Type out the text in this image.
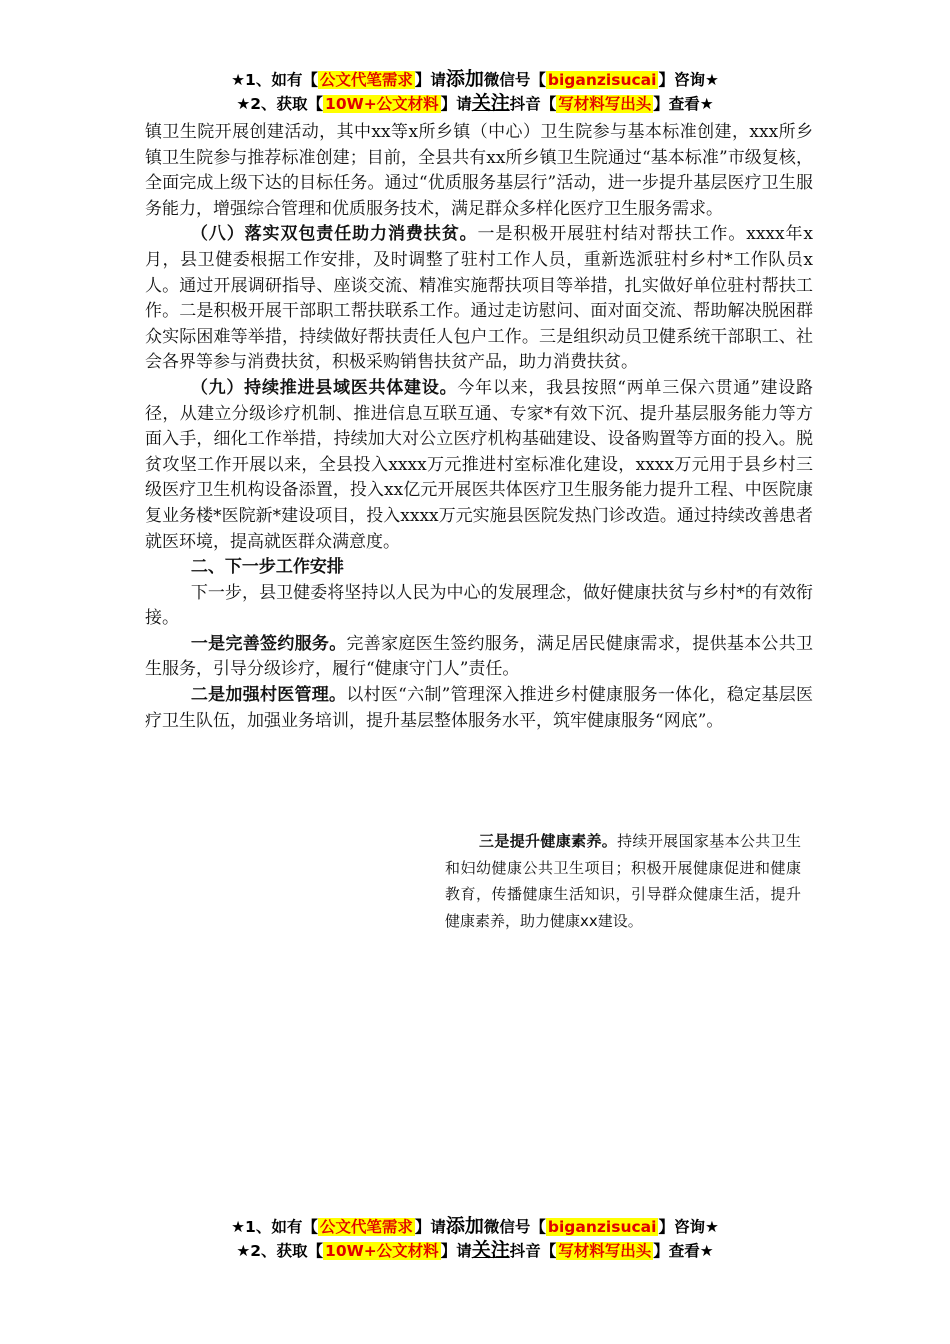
★1、如有【 公文代笔需求 】请添加微信号【 biganzisucai 】咨询★
★2、获取【 10W+公文材料 】请关注抖音【 写材料写出头 】查看★

镇卫生院开展创建活动，其中xx等x所乡镇（中心）卫生院参与基本标准创建，xxx所乡镇卫生院参与推荐标准创建；目前，全县共有xx所乡镇卫生院通过“基本标准”市级复核，全面完成上级下达的目标任务。通过“优质服务基层行”活动，进一步提升基层医疗卫生服务能力，增强综合管理和优质服务技术，满足群众多样化医疗卫生服务需求。

（八）落实双包责任助力消费扶贫。一是积极开展驻村结对帮扶工作。xxxx年x月，县卫健委根据工作安排，及时调整了驻村工作人员，重新选派驻村乡村*工作队员x人。通过开展调研指导、座谈交流、精准实施帮扶项目等举措，扎实做好单位驻村帮扶工作。二是积极开展干部职工帮扶联系工作。通过走访慰问、面对面交流、帮助解决脱困群众实际困难等举措，持续做好帮扶责任人包户工作。三是组织动员卫健系统干部职工、社会各界等参与消费扶贫，积极采购销售扶贫产品，助力消费扶贫。

（九）持续推进县域医共体建设。今年以来，我县按照“两单三保六贯通”建设路径，从建立分级诊疗机制、推进信息互联互通、专家*有效下沉、提升基层服务能力等方面入手，细化工作举措，持续加大对公立医疗机构基础建设、设备购置等方面的投入。脱贫攻坚工作开展以来，全县投入xxxx万元推进村室标准化建设，xxxx万元用于县乡村三级医疗卫生机构设备添置，投入xx亿元开展医共体医疗卫生服务能力提升工程、中医院康复业务楼*医院新*建设项目，投入xxxx万元实施县医院发热门诊改造。通过持续改善患者就医环境，提高就医群众满意度。

二、下一步工作安排

下一步，县卫健委将坚持以人民为中心的发展理念，做好健康扶贫与乡村*的有效衔接。

一是完善签约服务。完善家庭医生签约服务，满足居民健康需求，提供基本公共卫生服务，引导分级诊疗，履行“健康守门人”责任。

二是加强村医管理。以村医“六制”管理深入推进乡村健康服务一体化，稳定基层医疗卫生队伍，加强业务培训，提升基层整体服务水平，筑牢健康服务“网底”。

三是提升健康素养。持续开展国家基本公共卫生和妇幼健康公共卫生项目；积极开展健康促进和健康教育，传播健康生活知识，引导群众健康生活，提升健康素养，助力健康xx建设。
★1、如有【 公文代笔需求 】请添加微信号【 biganzisucai 】咨询★
★2、获取【 10W+公文材料 】请关注抖音【 写材料写出头 】查看★
